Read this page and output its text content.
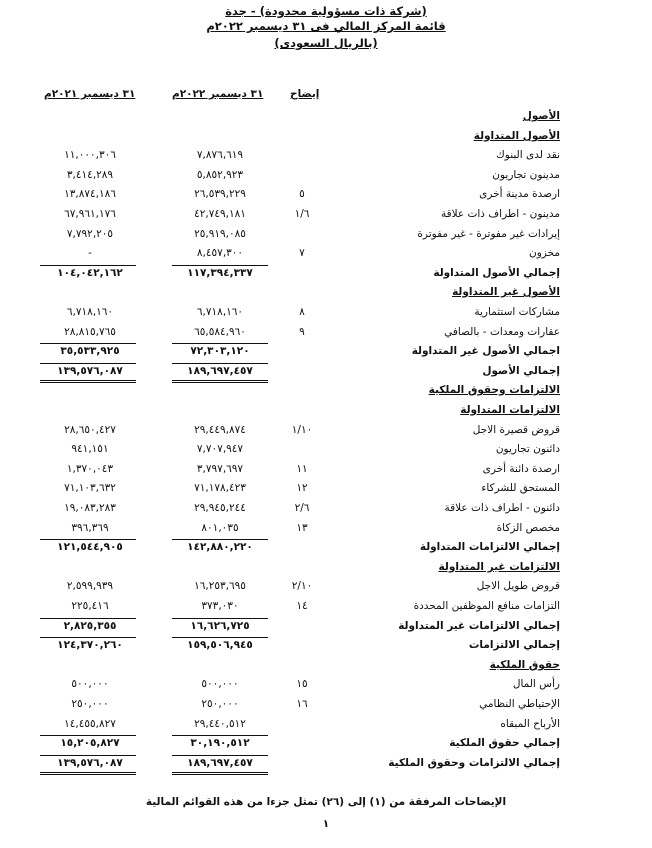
(شركة ذات مسؤولية محدودة) - جدة
قائمة المركز المالي فى ٣١ ديسمبر ٢٠٢٢م
(بالريال السعودى)
إيضاح
٣١ ديسمبر ٢٠٢٢م
٣١ ديسمبر ٢٠٢١م
الأصول
الأصول المتداولة
نقد لدى البنوك
٧,٨٧٦,٦١٩
١١,٠٠٠,٣٠٦
مدينون تجاريون
٥,٨٥٢,٩٢٣
٣,٤١٤,٢٨٩
ارصدة مدينة أخرى
٥
٢٦,٥٣٩,٢٢٩
١٣,٨٧٤,١٨٦
مدينون - اطراف ذات علاقة
١/٦
٤٢,٧٤٩,١٨١
٦٧,٩٦١,١٧٦
إيرادات غير مفوترة - غير مفوترة
٢٥,٩١٩,٠٨٥
٧,٧٩٢,٢٠٥
مخزون
٧
٨,٤٥٧,٣٠٠
-
إجمالي الأصول المتداولة
١١٧,٣٩٤,٣٣٧
١٠٤,٠٤٢,١٦٢
الأصول غير المتداولة
مشاركات استثمارية
٨
٦,٧١٨,١٦٠
٦,٧١٨,١٦٠
عقارات ومعدات - بالصافي
٩
٦٥,٥٨٤,٩٦٠
٢٨,٨١٥,٧٦٥
اجمالي الأصول غير المتداولة
٧٢,٣٠٣,١٢٠
٣٥,٥٣٣,٩٢٥
إجمالي الأصول
١٨٩,٦٩٧,٤٥٧
١٣٩,٥٧٦,٠٨٧
الالتزامات وحقوق الملكية
الالتزامات المتداولة
قروض قصيرة الاجل
١/١٠
٢٩,٤٤٩,٨٧٤
٢٨,٦٥٠,٤٢٧
دائنون تجاريون
٧,٧٠٧,٩٤٧
٩٤١,١٥١
ارصدة دائنة أخرى
١١
٣,٧٩٧,٦٩٧
١,٣٧٠,٠٤٣
المستحق للشركاء
١٢
٧١,١٧٨,٤٢٣
٧١,١٠٣,٦٣٢
دائنون - اطراف ذات علاقة
٢/٦
٢٩,٩٤٥,٢٤٤
١٩,٠٨٣,٢٨٣
مخصص الزكاة
١٣
٨٠١,٠٣٥
٣٩٦,٣٦٩
إجمالي الالتزامات المتداولة
١٤٢,٨٨٠,٢٢٠
١٢١,٥٤٤,٩٠٥
الالتزامات غير المتداولة
قروض طويل الاجل
٢/١٠
١٦,٢٥٣,٦٩٥
٢,٥٩٩,٩٣٩
التزامات منافع الموظفين المحددة
١٤
٣٧٣,٠٣٠
٢٢٥,٤١٦
إجمالي الالتزامات غير المتداولة
١٦,٦٢٦,٧٢٥
٢,٨٢٥,٣٥٥
إجمالي الالتزامات
١٥٩,٥٠٦,٩٤٥
١٢٤,٣٧٠,٢٦٠
حقوق الملكية
رأس المال
١٥
٥٠٠,٠٠٠
٥٠٠,٠٠٠
الإحتياطي النظامي
١٦
٢٥٠,٠٠٠
٢٥٠,٠٠٠
الأرباح المبقاه
٢٩,٤٤٠,٥١٢
١٤,٤٥٥,٨٢٧
إجمالي حقوق الملكية
٣٠,١٩٠,٥١٢
١٥,٢٠٥,٨٢٧
إجمالي الالتزامات وحقوق الملكية
١٨٩,٦٩٧,٤٥٧
١٣٩,٥٧٦,٠٨٧
الإيضاحات المرفقة من (١) إلى (٢٦) تمثل جزءا من هذه القوائم المالية
١
